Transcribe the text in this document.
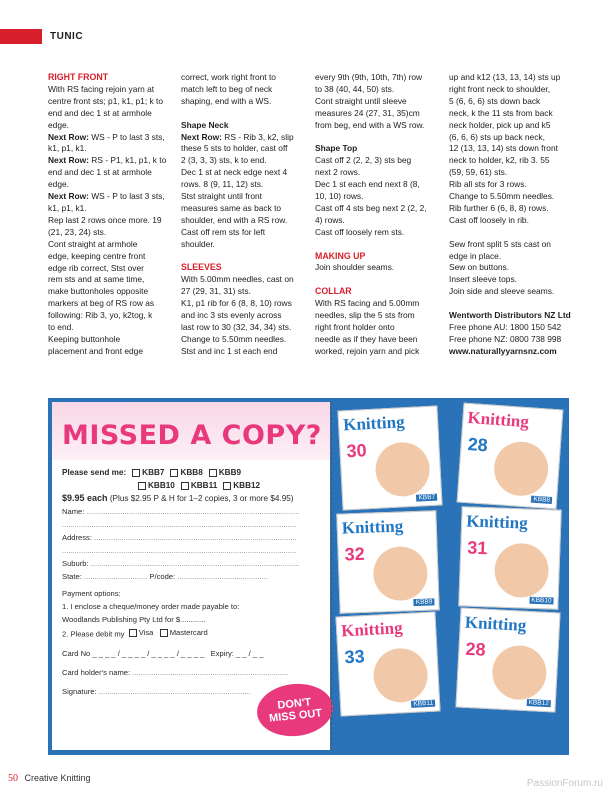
TUNIC

RIGHT FRONT

With RS facing rejoin yarn at

centre front sts; p1, k1, p1; k to

end and dec 1 st at armhole

edge.

Next Row: WS - P to last 3 sts,

k1, p1, k1.

Next Row: RS - P1, k1, p1, k to

end and dec 1 st at armhole

edge.

Next Row: WS - P to last 3 sts,

k1, p1, k1.

Rep last 2 rows once more. 19

(21, 23, 24) sts.

Cont straight at armhole

edge, keeping centre front

edge rib correct, Stst over

rem sts and at same time,

make buttonholes opposite

markers at beg of RS row as

following: Rib 3, yo, k2tog, k

to end.

Keeping buttonhole

placement and front edge

correct, work right front to

match left to beg of neck

shaping, end with a WS.

Shape Neck

Next Row: RS - Rib 3, k2, slip

these 5 sts to holder, cast off

2 (3, 3, 3) sts, k to end.

Dec 1 st at neck edge next 4

rows. 8 (9, 11, 12) sts.

Stst straight until front

measures same as back to

shoulder, end with a RS row.

Cast off rem sts for left

shoulder.

SLEEVES

With 5.00mm needles, cast on

27 (29, 31, 31) sts.

K1, p1 rib for 6 (8, 8, 10) rows

and inc 3 sts evenly across

last row to 30 (32, 34, 34) sts.

Change to 5.50mm needles.

Stst and inc 1 st each end

every 9th (9th, 10th, 7th) row

to 38 (40, 44, 50) sts.

Cont straight until sleeve

measures 24 (27, 31, 35)cm

from beg, end with a WS row.

Shape Top

Cast off 2 (2, 2, 3) sts beg

next 2 rows.

Dec 1 st each end next 8 (8,

10, 10) rows.

Cast off 4 sts beg next 2 (2, 2,

4) rows.

Cast off loosely rem sts.

MAKING UP

Join shoulder seams.

COLLAR

With RS facing and 5.00mm

needles, slip the 5 sts from

right front holder onto

needle as if they have been

worked, rejoin yarn and pick

up and k12 (13, 13, 14) sts up

right front neck to shoulder,

5 (6, 6, 6) sts down back

neck, k the 11 sts from back

neck holder, pick up and k5

(6, 6, 6) sts up back neck,

12 (13, 13, 14) sts down front

neck to holder, k2, rib 3. 55

(59, 59, 61) sts.

Rib all sts for 3 rows.

Change to 5.50mm needles.

Rib further 6 (6, 8, 8) rows.

Cast off loosely in rib.

Sew front split 5 sts cast on

edge in place.

Sew on buttons.

Insert sleeve tops.

Join side and sleeve seams.

Wentworth Distributors NZ Ltd

Free phone AU: 1800 150 542

Free phone NZ: 0800 738 998

www.naturallyyarnsnz.com

MISSED A COPY?
Please send me: KBB7 KBB8 KBB9
KBB10 KBB11 KBB12
$9.95 each (Plus $2.95 P & H for 1–2 copies, 3 or more $4.95)
Name: .....................................................................................................
...............................................................................................................
Address: ................................................................................................
...............................................................................................................
Suburb: ...................................................................................................
State: .............................. P/code: ...........................................
Payment options:
1. I enclose a cheque/money order made payable to:
Woodlands Publishing Pty Ltd for $............
2. Please debit my Visa
Mastercard
Card No _ _ _ _ / _ _ _ _ / _ _ _ _ / _ _ _ _ Expiry: _ _ / _ _
Card holder's name: ..........................................................................
Signature: ........................................................................
DON'T
MISS OUT
Post to: Knitting Baby & Beyond Magazine
PO Box 8035, Glenmore Park NSW 2745
Knitting
30
KBB7
Knitting
28
KBB8
Knitting
32
KBB9
Knitting
31
KBB10
Knitting
33
KBB11
Knitting
28
KBB12
50 Creative Knitting	PassionForum.ru
